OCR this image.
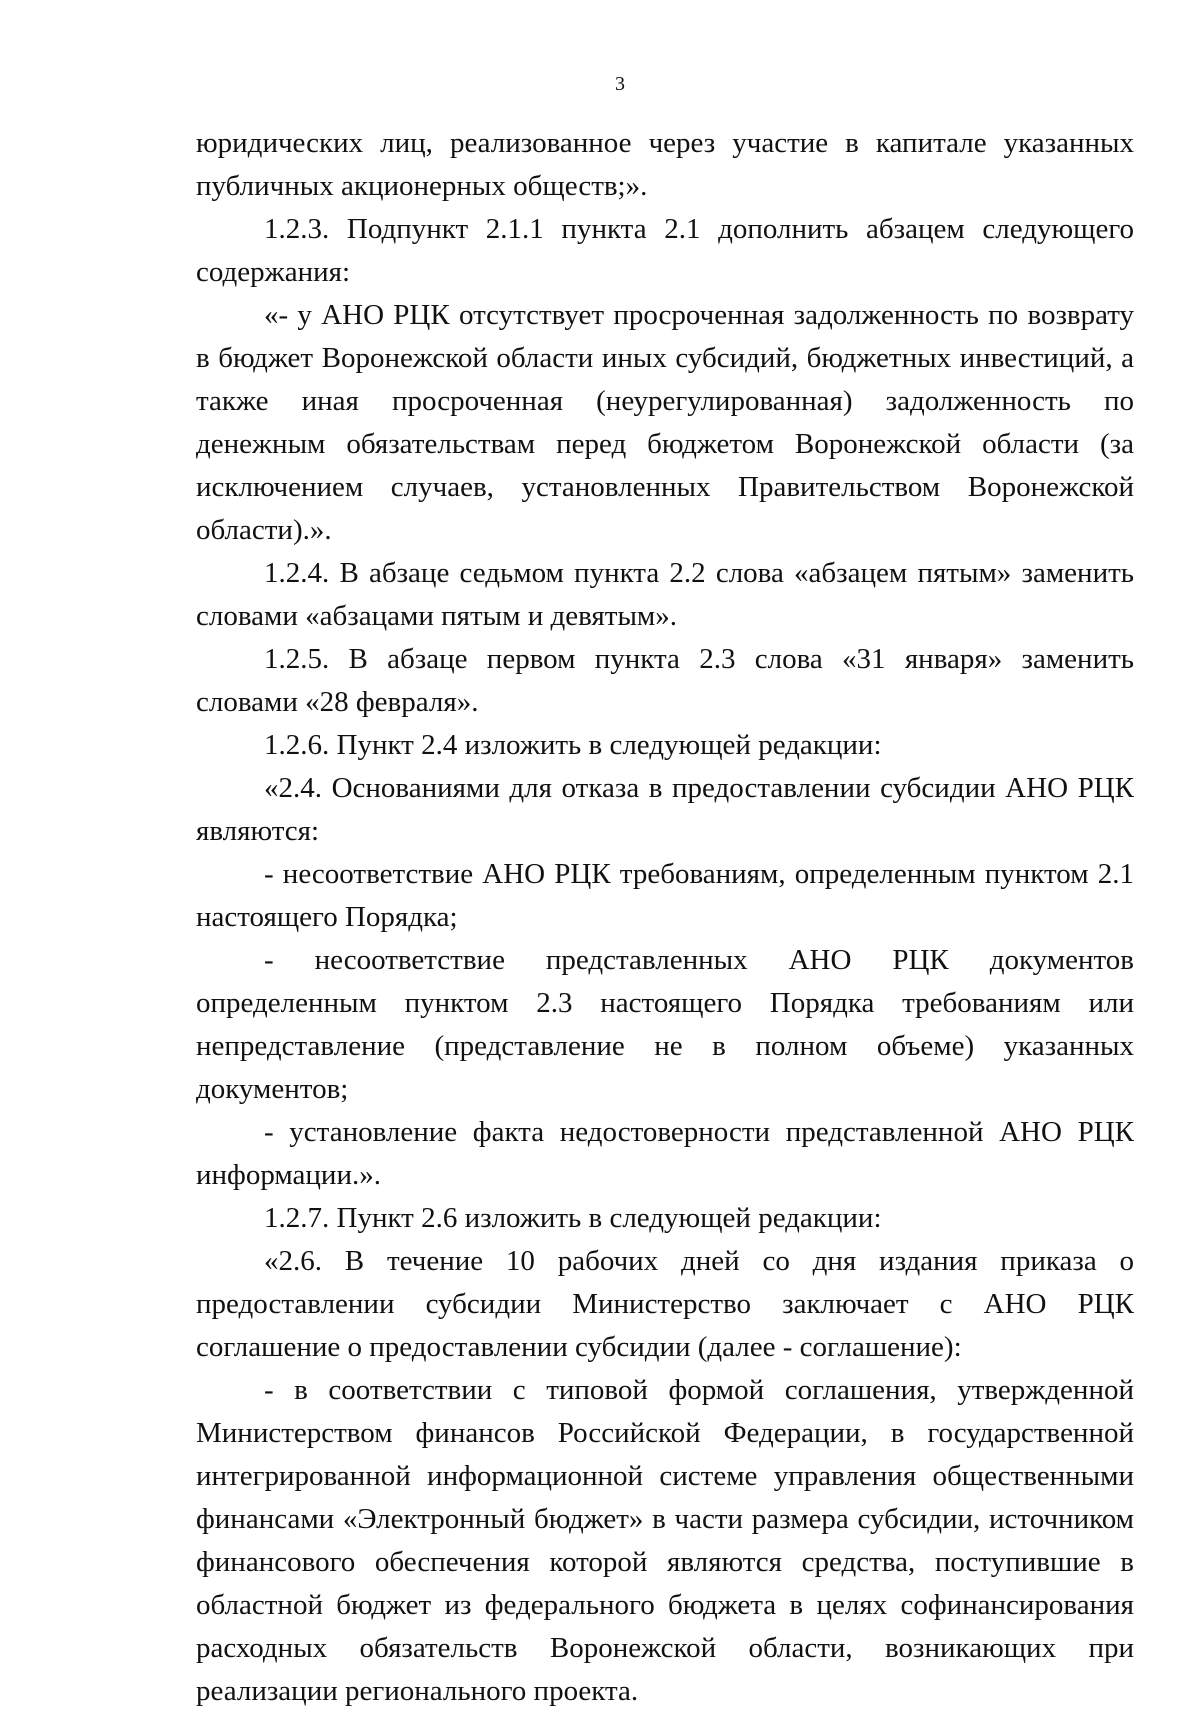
3

юридических лиц, реализованное через участие в капитале указанных публичных акционерных обществ;».

1.2.3. Подпункт 2.1.1 пункта 2.1 дополнить абзацем следующего содержания:

«- у АНО РЦК отсутствует просроченная задолженность по возврату в бюджет Воронежской области иных субсидий, бюджетных инвестиций, а также иная просроченная (неурегулированная) задолженность по денежным обязательствам перед бюджетом Воронежской области (за исключением случаев, установленных Правительством Воронежской области).».

1.2.4. В абзаце седьмом пункта 2.2 слова «абзацем пятым» заменить словами «абзацами пятым и девятым».

1.2.5. В абзаце первом пункта 2.3 слова «31 января» заменить словами «28 февраля».

1.2.6. Пункт 2.4 изложить в следующей редакции:

«2.4. Основаниями для отказа в предоставлении субсидии АНО РЦК являются:

- несоответствие АНО РЦК требованиям, определенным пунктом 2.1 настоящего Порядка;

- несоответствие представленных АНО РЦК документов определенным пунктом 2.3 настоящего Порядка требованиям или непредставление (представление не в полном объеме) указанных документов;

- установление факта недостоверности представленной АНО РЦК информации.».

1.2.7. Пункт 2.6 изложить в следующей редакции:

«2.6. В течение 10 рабочих дней со дня издания приказа о предоставлении субсидии Министерство заключает с АНО РЦК соглашение о предоставлении субсидии (далее - соглашение):

- в соответствии с типовой формой соглашения, утвержденной Министерством финансов Российской Федерации, в государственной интегрированной информационной системе управления общественными финансами «Электронный бюджет» в части размера субсидии, источником финансового обеспечения которой являются средства, поступившие в областной бюджет из федерального бюджета в целях софинансирования расходных обязательств Воронежской области, возникающих при реализации регионального проекта.
